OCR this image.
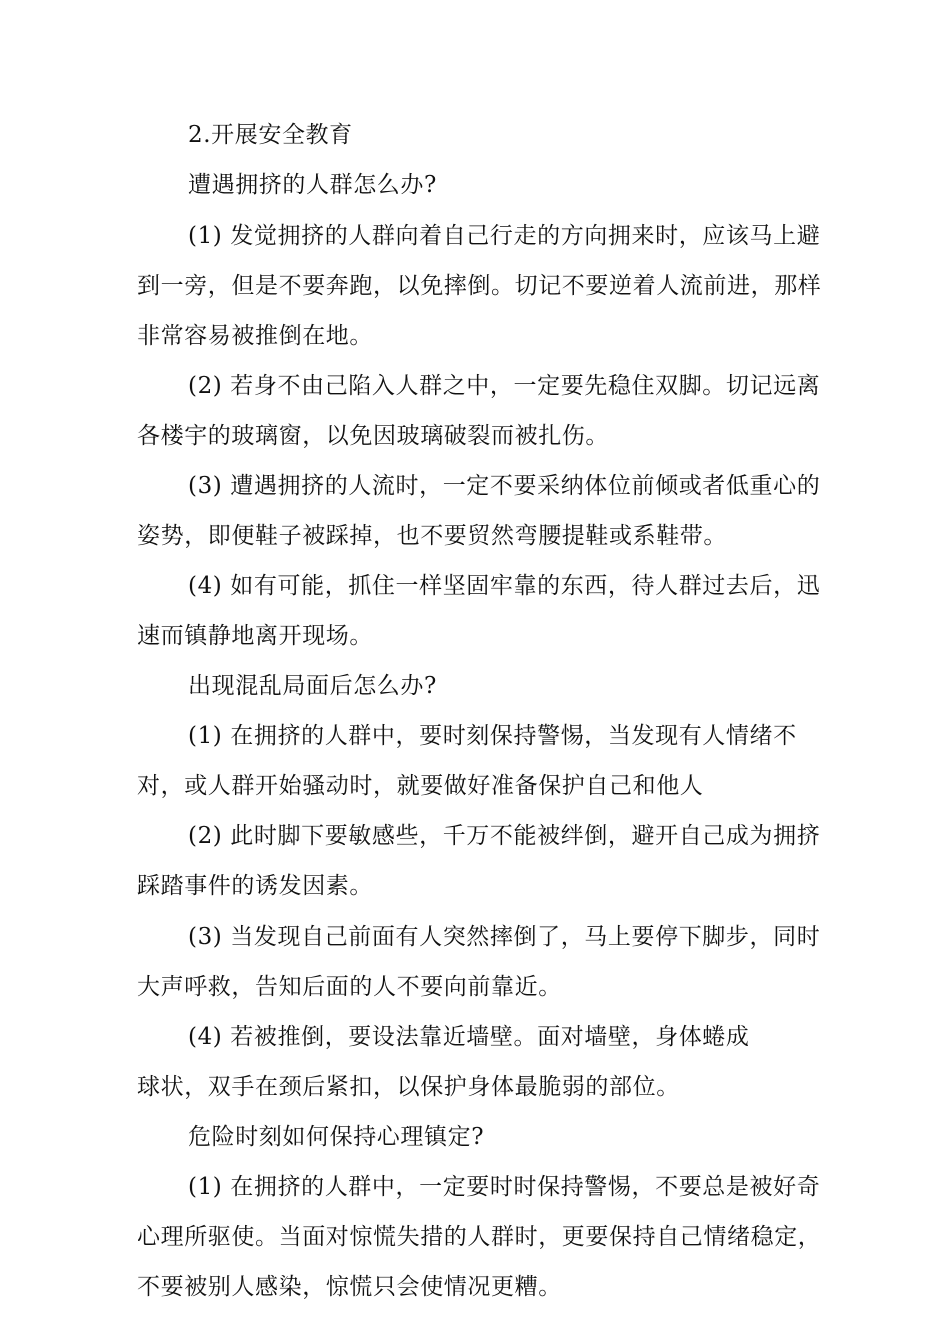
2.开展安全教育
遭遇拥挤的人群怎么办?
(1) 发觉拥挤的人群向着自己行走的方向拥来时，应该马上避
到一旁，但是不要奔跑，以免摔倒。切记不要逆着人流前进，那样
非常容易被推倒在地。
(2) 若身不由己陷入人群之中，一定要先稳住双脚。切记远离
各楼宇的玻璃窗，以免因玻璃破裂而被扎伤。
(3) 遭遇拥挤的人流时，一定不要采纳体位前倾或者低重心的
姿势，即便鞋子被踩掉，也不要贸然弯腰提鞋或系鞋带。
(4) 如有可能，抓住一样坚固牢靠的东西，待人群过去后，迅
速而镇静地离开现场。
出现混乱局面后怎么办?
(1) 在拥挤的人群中，要时刻保持警惕，当发现有人情绪不
对，或人群开始骚动时，就要做好准备保护自己和他人
(2) 此时脚下要敏感些，千万不能被绊倒，避开自己成为拥挤
踩踏事件的诱发因素。
(3) 当发现自己前面有人突然摔倒了，马上要停下脚步，同时
大声呼救，告知后面的人不要向前靠近。
(4) 若被推倒，要设法靠近墙壁。面对墙壁，身体蜷成
球状，双手在颈后紧扣，以保护身体最脆弱的部位。
危险时刻如何保持心理镇定?
(1) 在拥挤的人群中，一定要时时保持警惕，不要总是被好奇
心理所驱使。当面对惊慌失措的人群时，更要保持自己情绪稳定，
不要被别人感染，惊慌只会使情况更糟。
